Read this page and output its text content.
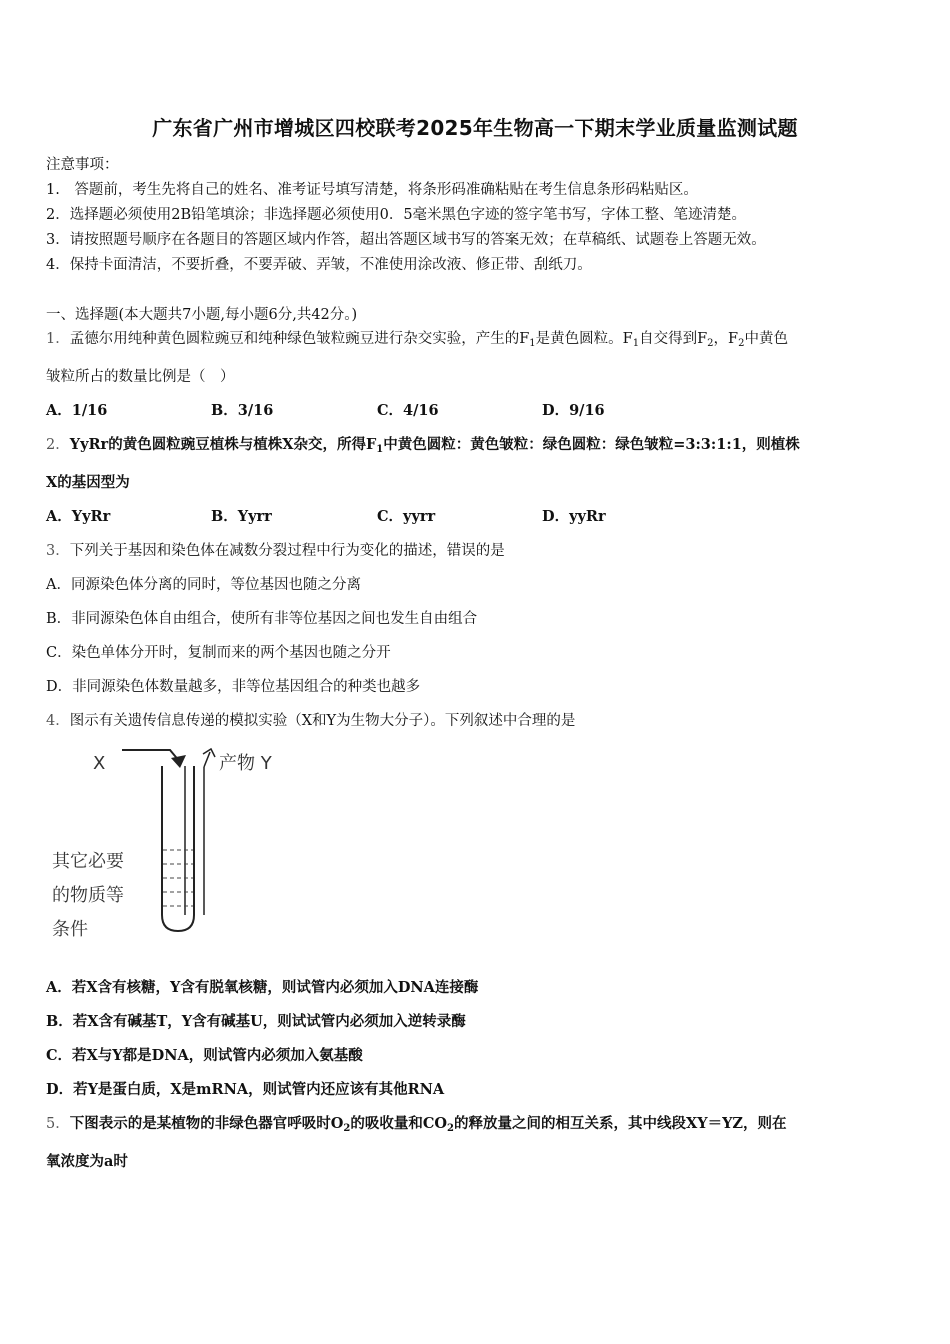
广东省广州市增城区四校联考2025年生物高一下期末学业质量监测试题
注意事项：
1.　答题前，考生先将自己的姓名、准考证号填写清楚，将条形码准确粘贴在考生信息条形码粘贴区。
2．选择题必须使用2B铅笔填涂；非选择题必须使用0．5毫米黑色字迹的签字笔书写，字体工整、笔迹清楚。
3．请按照题号顺序在各题目的答题区域内作答，超出答题区域书写的答案无效；在草稿纸、试题卷上答题无效。
4．保持卡面清洁，不要折叠，不要弄破、弄皱，不准使用涂改液、修正带、刮纸刀。
一、选择题(本大题共7小题,每小题6分,共42分。)
1．孟德尔用纯种黄色圆粒豌豆和纯种绿色皱粒豌豆进行杂交实验，产生的$F_1$是黄色圆粒。$F_1$自交得到$F_2$，$F_2$中黄色
皱粒所占的数量比例是（　）
A．1/16	B．3/16	C．4/16	D．9/16
2．YyRr的黄色圆粒豌豆植株与植株X杂交，所得$F_1$中黄色圆粒：黄色皱粒：绿色圆粒：绿色皱粒=3:3:1:1，则植株
X的基因型为
A．YyRr	B．Yyrr	C．yyrr	D．yyRr
3．下列关于基因和染色体在减数分裂过程中行为变化的描述，错误的是
A．同源染色体分离的同时，等位基因也随之分离
B．非同源染色体自由组合，使所有非等位基因之间也发生自由组合
C．染色单体分开时，复制而来的两个基因也随之分开
D．非同源染色体数量越多，非等位基因组合的种类也越多
4．图示有关遗传信息传递的模拟实验（X和Y为生物大分子）。下列叙述中合理的是
X	产物 Y
其它必要
的物质等
条件
A．若X含有核糖，Y含有脱氧核糖，则试管内必须加入DNA连接酶
B．若X含有碱基T，Y含有碱基U，则试试管内必须加入逆转录酶
C．若X与Y都是DNA，则试管内必须加入氨基酸
D．若Y是蛋白质，X是mRNA，则试管内还应该有其他RNA
5．下图表示的是某植物的非绿色器官呼吸时$O_2$的吸收量和$CO_2$的释放量之间的相互关系，其中线段XY＝YZ，则在
氧浓度为a时
